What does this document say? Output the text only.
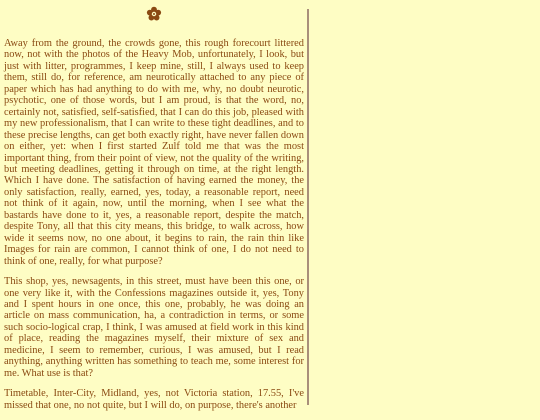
Away from the ground, the crowds gone, this rough forecourt littered now, not with the photos of the Heavy Mob, unfortunately, I look, but just with litter, programmes, I keep mine, still, I always used to keep them, still do, for reference, am neurotically attached to any piece of paper which has had anything to do with me, why, no doubt neurotic, psychotic, one of those words, but I am proud, is that the word, no, certainly not, satisfied, self-satisfied, that I can do this job, pleased with my new professionalism, that I can write to these tight deadlines, and to these precise lengths, can get both exactly right, have never fallen down on either, yet: when I first started Zulf told me that was the most important thing, from their point of view, not the quality of the writing, but meeting deadlines, getting it through on time, at the right length. Which I have done. The satisfaction of having earned the money, the only satisfaction, really, earned, yes, today, a reasonable report, need not think of it again, now, until the morning, when I see what the bastards have done to it, yes, a reasonable report, despite the match, despite Tony, all that this city means, this bridge, to walk across, how wide it seems now, no one about, it begins to rain, the rain thin like Images for rain are common, I cannot think of one, I do not need to think of one, really, for what purpose?

This shop, yes, newsagents, in this street, must have been this one, or one very like it, with the Confessions magazines outside it, yes, Tony and I spent hours in one once, this one, probably, he was doing an article on mass communication, ha, a contradiction in terms, or some such socio-logical crap, I think, I was amused at field work in this kind of place, reading the magazines myself, their mixture of sex and medicine, I seem to remember, curious, I was amused, but I read anything, anything written has something to teach me, some interest for me. What use is that?

Timetable, Inter-City, Midland, yes, not Victoria station, 17.55, I've missed that one, no not quite, but I will do, on purpose, there's another
